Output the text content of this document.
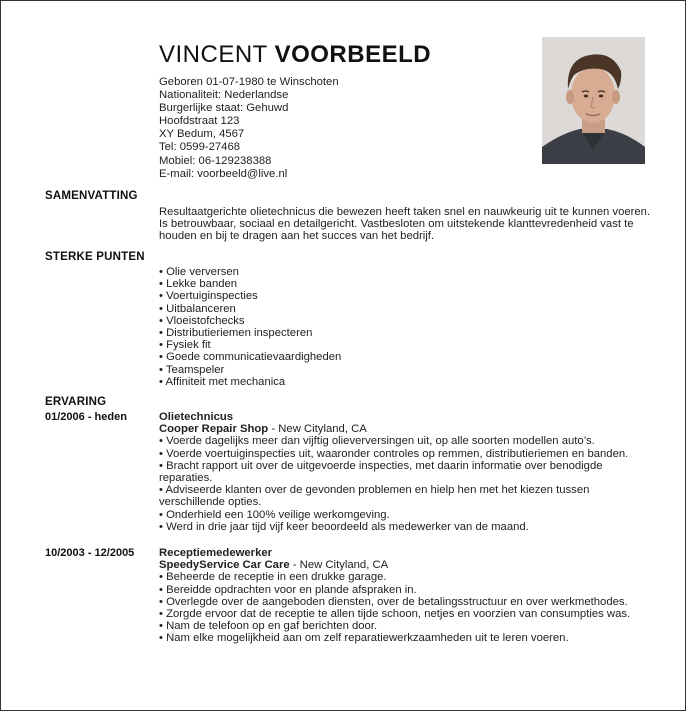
VINCENT VOORBEELD
Geboren 01-07-1980 te Winschoten
Nationaliteit: Nederlandse
Burgerlijke staat: Gehuwd
Hoofdstraat 123
XY Bedum, 4567
Tel: 0599-27468
Mobiel: 06-129238388
E-mail: voorbeeld@live.nl
SAMENVATTING
Resultaatgerichte olietechnicus die bewezen heeft taken snel en nauwkeurig uit te kunnen voeren. Is betrouwbaar, sociaal en detailgericht. Vastbesloten om uitstekende klanttevredenheid vast te houden en bij te dragen aan het succes van het bedrijf.
STERKE PUNTEN
• Olie verversen
• Lekke banden
• Voertuiginspecties
• Uitbalanceren
• Vloeistofchecks
• Distributieriemen inspecteren
• Fysiek fit
• Goede communicatievaardigheden
• Teamspeler
• Affiniteit met mechanica
ERVARING
01/2006 - heden	Olietechnicus
Cooper Repair Shop - New Cityland, CA
• Voerde dagelijks meer dan vijftig olieverversingen uit, op alle soorten modellen auto’s.
• Voerde voertuiginspecties uit, waaronder controles op remmen, distributieriemen en banden.
• Bracht rapport uit over de uitgevoerde inspecties, met daarin informatie over benodigde reparaties.
• Adviseerde klanten over de gevonden problemen en hielp hen met het kiezen tussen verschillende opties.
• Onderhield een 100% veilige werkomgeving.
• Werd in drie jaar tijd vijf keer beoordeeld als medewerker van de maand.
10/2003 - 12/2005 Receptiemedewerker
SpeedyService Car Care - New Cityland, CA
• Beheerde de receptie in een drukke garage.
• Bereidde opdrachten voor en plande afspraken in.
• Overlegde over de aangeboden diensten, over de betalingsstructuur en over werkmethodes.
• Zorgde ervoor dat de receptie te allen tijde schoon, netjes en voorzien van consumpties was.
• Nam de telefoon op en gaf berichten door.
• Nam elke mogelijkheid aan om zelf reparatiewerkzaamheden uit te leren voeren.
